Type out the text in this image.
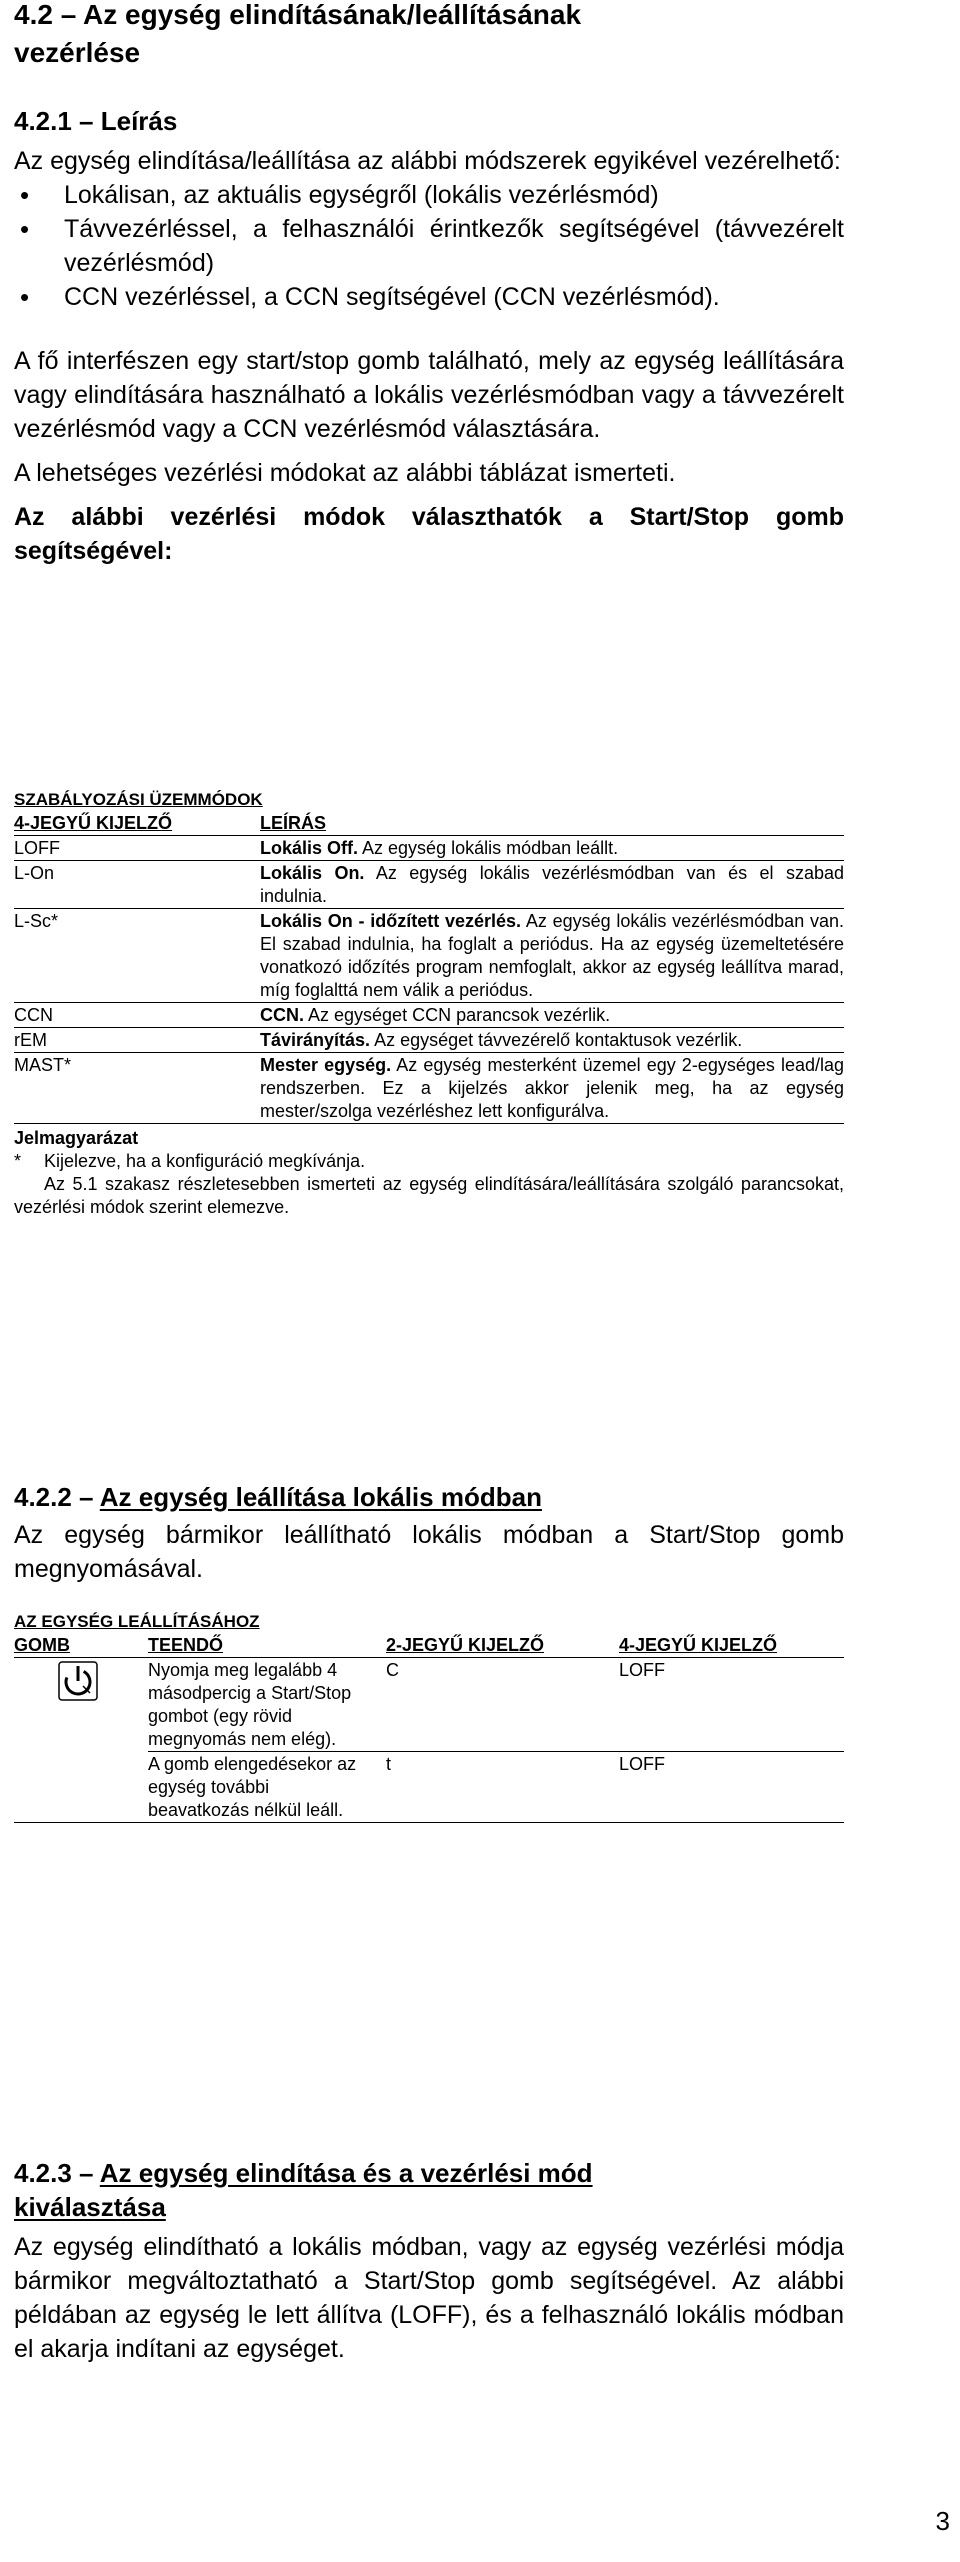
4.2 – Az egység elindításának/leállításának
vezérlése
4.2.1 – Leírás

Az egység elindítása/leállítása az alábbi módszerek egyikével vezérelhető:

• Lokálisan, az aktuális egységről (lokális vezérlésmód)
• Távvezérléssel, a felhasználói érintkezők segítségével (távvezérelt vezérlésmód)
• CCN vezérléssel, a CCN segítségével (CCN vezérlésmód).

A fő interfészen egy start/stop gomb található, mely az egység leállítására vagy elindítására használható a lokális vezérlésmódban vagy a távvezérelt vezérlésmód vagy a CCN vezérlésmód választására.

A lehetséges vezérlési módokat az alábbi táblázat ismerteti.

Az alábbi vezérlési módok választhatók a Start/Stop gomb segítségével:

SZABÁLYOZÁSI ÜZEMMÓDOK
4-JEGYŰ KIJELZŐ	LEÍRÁS

LOFF	Lokális Off. Az egység lokális módban leállt.

L-On	Lokális On. Az egység lokális vezérlésmódban van és el szabad indulnia.

L-Sc*	Lokális On - időzített vezérlés. Az egység lokális vezérlésmódban van. El szabad indulnia, ha foglalt a periódus. Ha az egység üzemeltetésére vonatkozó időzítés program nemfoglalt, akkor az egység leállítva marad, míg foglalttá nem válik a periódus.

CCN	CCN. Az egységet CCN parancsok vezérlik.

rEM	Távirányítás. Az egységet távvezérelő kontaktusok vezérlik.

MAST*	Mester egység. Az egység mesterként üzemel egy 2-egységes lead/lag rendszerben. Ez a kijelzés akkor jelenik meg, ha az egység mester/szolga vezérléshez lett konfigurálva.

Jelmagyarázat
* Kijelezve, ha a konfiguráció megkívánja.
Az 5.1 szakasz részletesebben ismerteti az egység elindítására/leállítására szolgáló parancsokat, vezérlési módok szerint elemezve.
4.2.2 – Az egység leállítása lokális módban

Az egység bármikor leállítható lokális módban a Start/Stop gomb megnyomásával.

AZ EGYSÉG LEÁLLÍTÁSÁHOZ
GOMB	TEENDŐ	2-JEGYŰ KIJELZŐ	4-JEGYŰ KIJELZŐ

	Nyomja meg legalább 4 másodpercig a Start/Stop gombot (egy rövid megnyomás nem elég).	C	LOFF

	A gomb elengedésekor az egység további beavatkozás nélkül leáll.	t	LOFF

4.2.3 – Az egység elindítása és a vezérlési mód
kiválasztása

Az egység elindítható a lokális módban, vagy az egység vezérlési módja bármikor megváltoztatható a Start/Stop gomb segítségével. Az alábbi példában az egység le lett állítva (LOFF), és a felhasználó lokális módban el akarja indítani az egységet.

3
